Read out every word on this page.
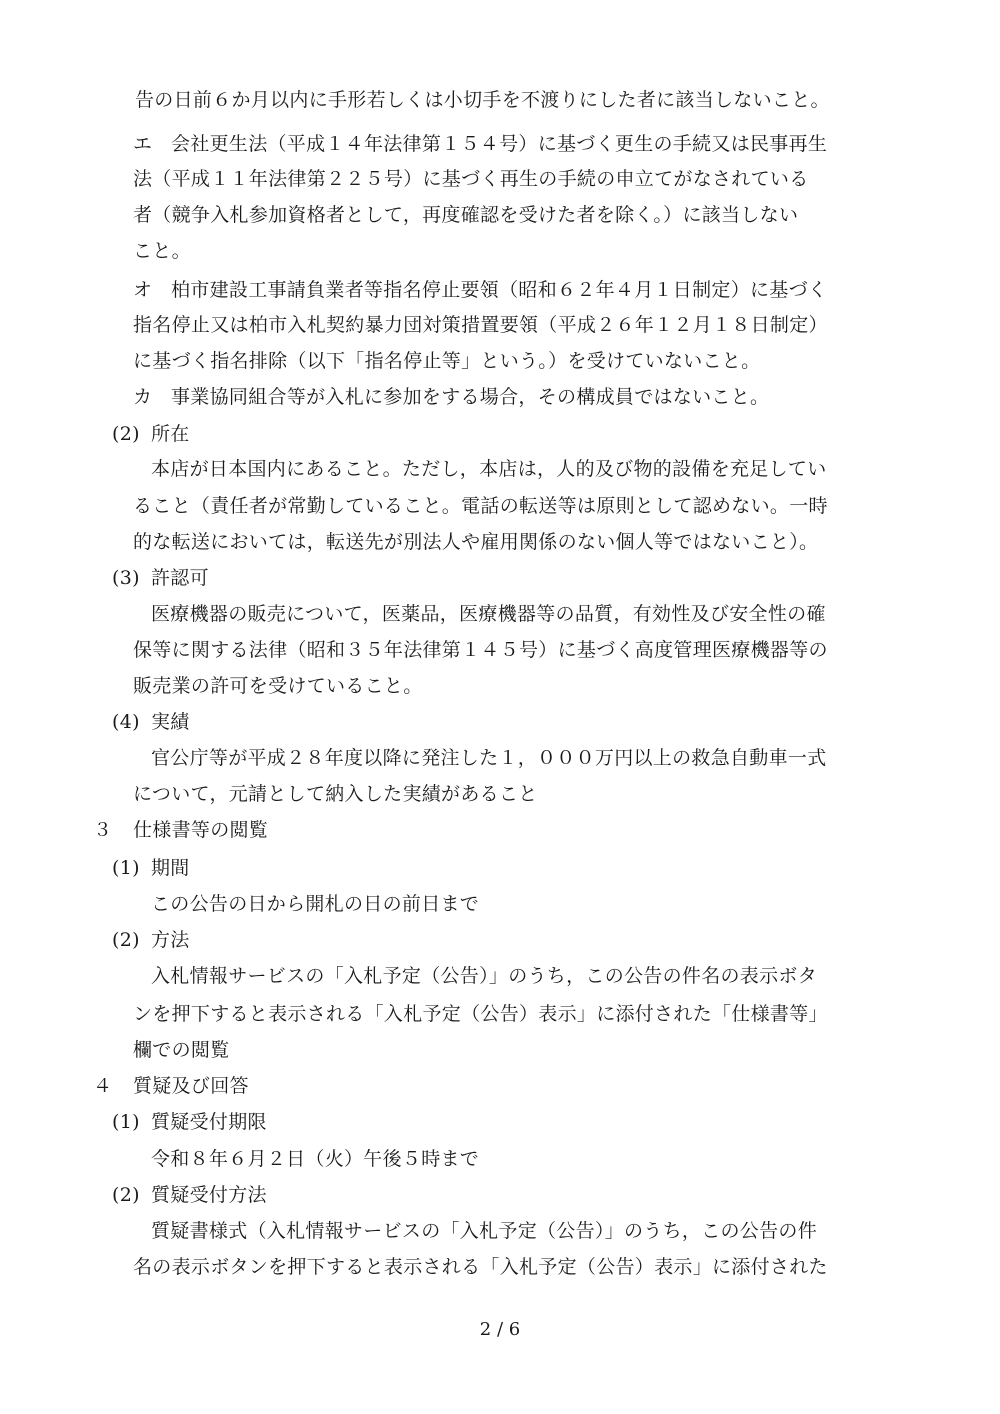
告の日前６か月以内に手形若しくは小切手を不渡りにした者に該当しないこと。
エ 会社更生法（平成１４年法律第１５４号）に基づく更生の手続又は民事再生
法（平成１１年法律第２２５号）に基づく再生の手続の申立てがなされている
者（競争入札参加資格者として，再度確認を受けた者を除く。）に該当しない
こと。
オ 柏市建設工事請負業者等指名停止要領（昭和６２年４月１日制定）に基づく
指名停止又は柏市入札契約暴力団対策措置要領（平成２６年１２月１８日制定）
に基づく指名排除（以下「指名停止等」という。）を受けていないこと。
カ 事業協同組合等が入札に参加をする場合，その構成員ではないこと。
(2) 所在
本店が日本国内にあること。ただし，本店は，人的及び物的設備を充足してい
ること（責任者が常勤していること。電話の転送等は原則として認めない。一時
的な転送においては，転送先が別法人や雇用関係のない個人等ではないこと）。
(3) 許認可
医療機器の販売について，医薬品，医療機器等の品質，有効性及び安全性の確
保等に関する法律（昭和３５年法律第１４５号）に基づく高度管理医療機器等の
販売業の許可を受けていること。
(4) 実績
官公庁等が平成２８年度以降に発注した１，０００万円以上の救急自動車一式
について，元請として納入した実績があること
３ 仕様書等の閲覧
(1) 期間
この公告の日から開札の日の前日まで
(2) 方法
入札情報サービスの「入札予定（公告）」のうち，この公告の件名の表示ボタ
ンを押下すると表示される「入札予定（公告）表示」に添付された「仕様書等」
欄での閲覧
４ 質疑及び回答
(1) 質疑受付期限
令和８年６月２日（火）午後５時まで
(2) 質疑受付方法
質疑書様式（入札情報サービスの「入札予定（公告）」のうち，この公告の件
名の表示ボタンを押下すると表示される「入札予定（公告）表示」に添付された
2 / 6
